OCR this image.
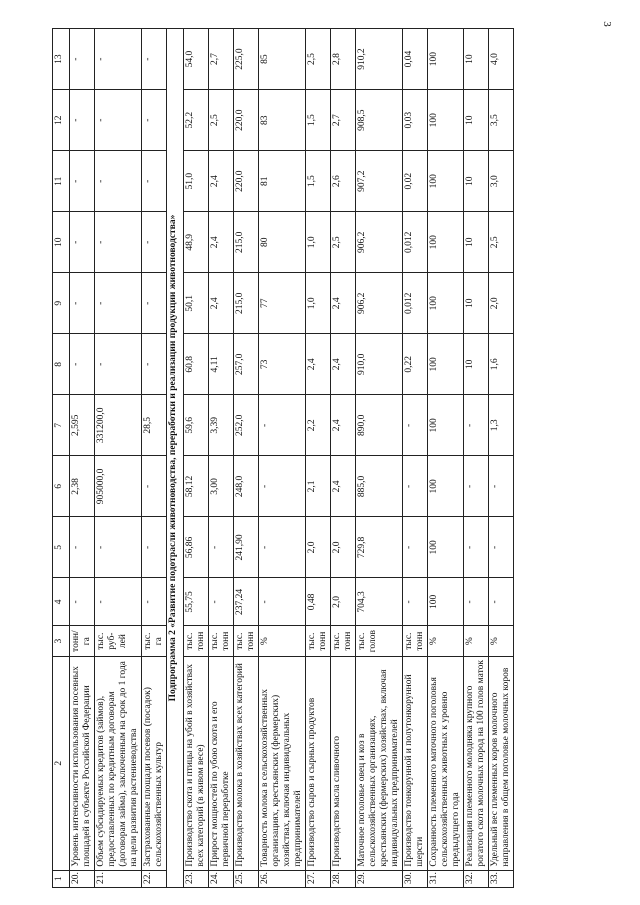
3
1	2	3	4	5	6	7	8	9	10	11	12	13
20.	Уровень интенсивности использования посевных площадей в субъекте Российской Федерации	тонн/га	-	-	2,38	2,595	-	-	-	-	-	-
21.	Объем субсидируемых кредитов (займов), предоставленных по кредитным договорам (договорам займа), заключенным на срок до 1 года на цели развития растениеводства	тыс. руб-лей	-	-	905000,0	331200,0	-	-	-	-	-	-
22.	Застрахованные площади посевов (посадок) сельскохозяйственных культур	тыс. га	-	-	-	28,5	-	-	-	-	-	-
Подпрограмма 2 «Развитие подотрасли животноводства, переработки и реализации продукции животноводства»												
23.	Производство скота и птицы на убой в хозяйствах всех категорий (в живом весе)	тыс. тонн	55,75	56,86	58,12	59,6	60,8	50,1	48,9	51,0	52,2	54,0
24.	Прирост мощностей по убою скота и его первичной переработке	тыс. тонн	-	-	3,00	3,39	4,11	2,4	2,4	2,4	2,5	2,7
25.	Производство молока в хозяйствах всех категорий	тыс. тонн	237,24	241,90	248,0	252,0	257,0	215,0	215,0	220,0	220,0	225,0
26.	Товарность молока в сельскохозяйственных организациях, крестьянских (фермерских) хозяйствах, включая индивидуальных предпринимателей	%	-	-	-	-	73	77	80	81	83	85
27.	Производство сыров и сырных продуктов	тыс. тонн	0,48	2,0	2,1	2,2	2,4	1,0	1,0	1,5	1,5	2,5
28.	Производство масла сливочного	тыс. тонн	2,0	2,0	2,4	2,4	2,4	2,4	2,5	2,6	2,7	2,8
29.	Маточное поголовье овец и коз в сельскохозяйственных организациях, крестьянских (фермерских) хозяйствах, включая индивидуальных предпринимателей	тыс. голов	704,3	729,8	885,0	890,0	910,0	906,2	906,2	907,2	908,5	910,2
30.	Производство тонкорунной и полутонкорунной шерсти	тыс. тонн	-	-	-	-	0,22	0,012	0,012	0,02	0,03	0,04
31.	Сохранность племенного маточного поголовья сельскохозяйственных животных к уровню предыдущего года	%	100	100	100	100	100	100	100	100	100	100
32.	Реализация племенного молодняка крупного рогатого скота молочных пород на 100 голов маток	%	-	-	-	-	10	10	10	10	10	10
33.	Удельный вес племенных коров молочного направления в общем поголовье молочных коров	%	-	-	-	1,3	1,6	2,0	2,5	3,0	3,5	4,0
